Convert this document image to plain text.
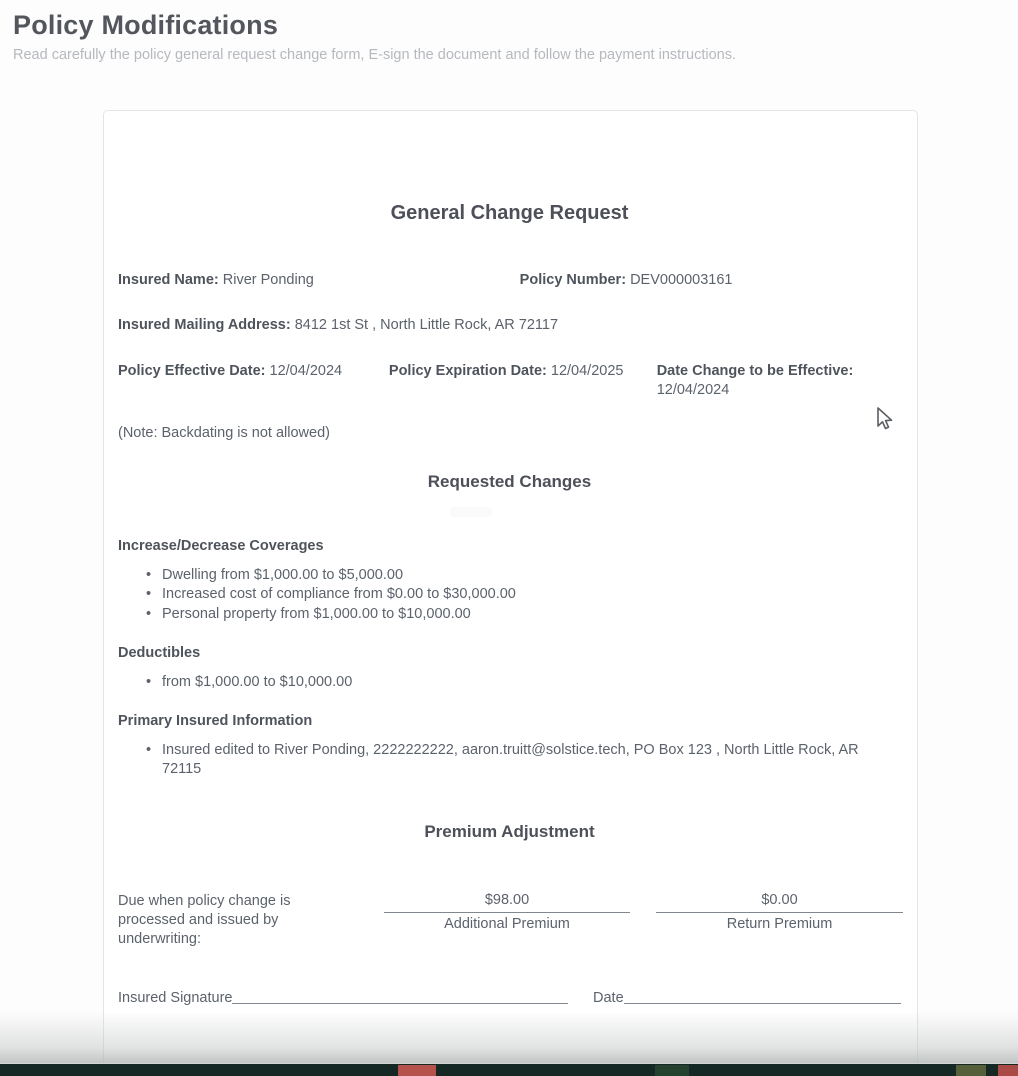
Policy Modifications
Read carefully the policy general request change form, E-sign the document and follow the payment instructions.
General Change Request
Insured Name: River Ponding	Policy Number: DEV000003161
Insured Mailing Address: 8412 1st St , North Little Rock, AR 72117
Policy Effective Date: 12/04/2024	Policy Expiration Date: 12/04/2025	Date Change to be Effective: 12/04/2024
(Note: Backdating is not allowed)
Requested Changes
Increase/Decrease Coverages
• Dwelling from $1,000.00 to $5,000.00
• Increased cost of compliance from $0.00 to $30,000.00
• Personal property from $1,000.00 to $10,000.00
Deductibles
• from $1,000.00 to $10,000.00
Primary Insured Information
• Insured edited to River Ponding, 2222222222, aaron.truitt@solstice.tech, PO Box 123 , North Little Rock, AR 72115
Premium Adjustment
Due when policy change is processed and issued by underwriting:
$98.00
Additional Premium
$0.00
Return Premium
Insured Signature	Date
